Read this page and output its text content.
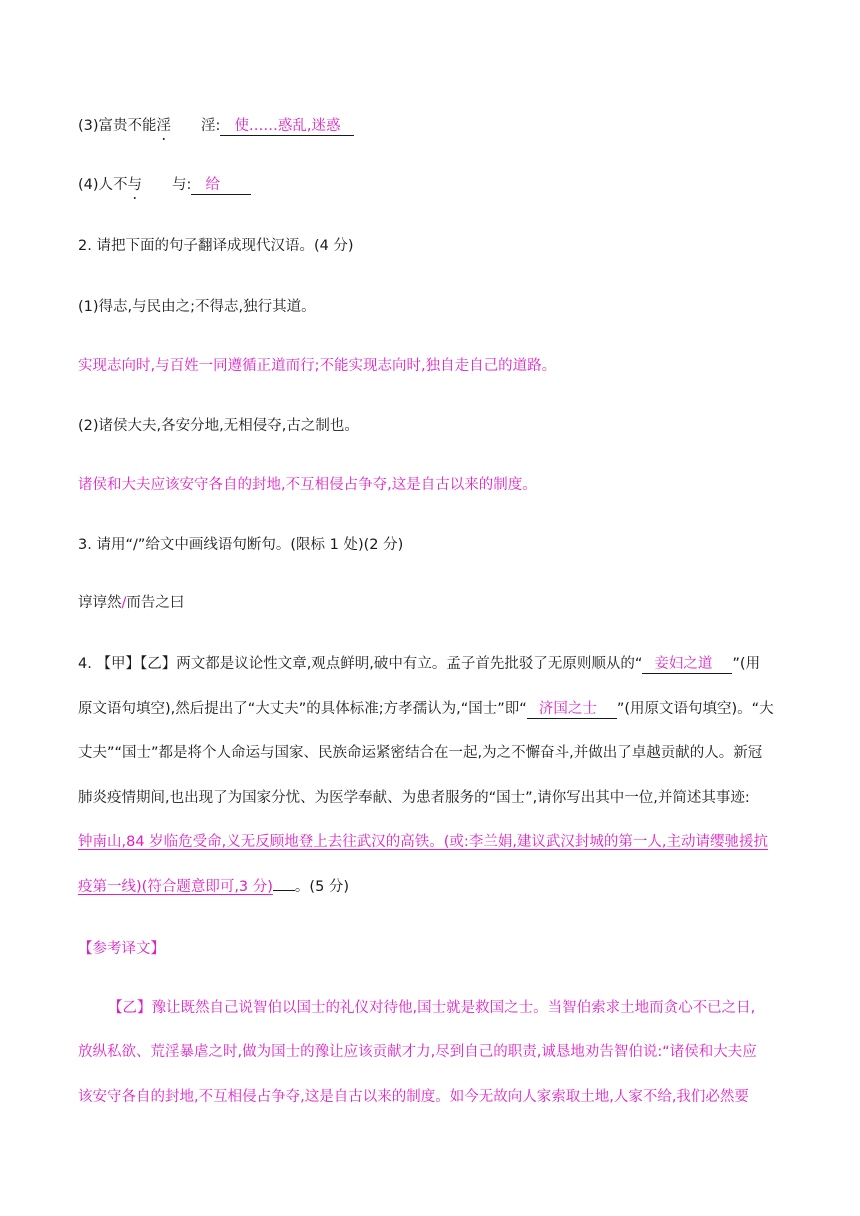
(3)富贵不能淫 淫: 使……惑乱,迷惑
(4)人不与 与: 给
2. 请把下面的句子翻译成现代汉语。(4 分)
(1)得志,与民由之;不得志,独行其道。
实现志向时,与百姓一同遵循正道而行;不能实现志向时,独自走自己的道路。
(2)诸侯大夫,各安分地,无相侵夺,古之制也。
诸侯和大夫应该安守各自的封地,不互相侵占争夺,这是自古以来的制度。
3. 请用“/”给文中画线语句断句。(限标 1 处)(2 分)
谆谆然/而告之曰
4. 【甲】【乙】两文都是议论性文章,观点鲜明,破中有立。孟子首先批驳了无原则顺从的“ 妾妇之道 ”(用
原文语句填空),然后提出了“大丈夫”的具体标准;方孝孺认为,“国士”即“ 济国之士 ”(用原文语句填空)。“大
丈夫”“国士”都是将个人命运与国家、民族命运紧密结合在一起,为之不懈奋斗,并做出了卓越贡献的人。新冠
肺炎疫情期间,也出现了为国家分忧、为医学奉献、为患者服务的“国士”,请你写出其中一位,并简述其事迹:
钟南山,84 岁临危受命,义无反顾地登上去往武汉的高铁。(或:李兰娟,建议武汉封城的第一人,主动请缨驰援抗
疫第一线)(符合题意即可,3 分) 。(5 分)
【参考译文】
【乙】豫让既然自己说智伯以国士的礼仪对待他,国士就是救国之士。当智伯索求土地而贪心不已之日,
放纵私欲、荒淫暴虐之时,做为国士的豫让应该贡献才力,尽到自己的职责,诚恳地劝告智伯说:“诸侯和大夫应
该安守各自的封地,不互相侵占争夺,这是自古以来的制度。如今无故向人家索取土地,人家不给,我们必然要
